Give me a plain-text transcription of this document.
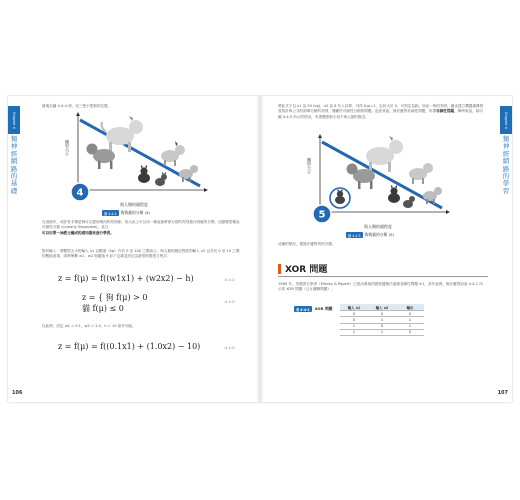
Chapter 4
類神經網路的基礎
最後在圖 4-4-4 裡，這三隻小型狗的位置。
4
體型大小
與人類的親程度
圖 4-4-4	夠與貓的分類 (4)
在這個中，或許有手像是例可以畫到幾何的判別線，但大致上可以用一條直線將兩分群的判別進行明確的分開，這類模型稱為可線性分類 (Linearly Separable)，並且
可以用單一神經元構成的感知器來進行學習。
對於輸入：將體型大小的輸入 x1 以體重（kg）介於 0 至 100 之間表示，與人類的親近程度的輸入 x2 以介於 0 至 10 之間的數值表現，兩將係數 w1、w2 與閾值 θ 如下定義並設定為最型的模型方程式：
z = f(μ) = f((w1x1) + (w2x2) − h)	（4.4.1）
z = { 狗 f(μ) > 0
貓 f(μ) ≤ 0
（4.4.2）
以此例，設定 w1 = 0.1，w2 = 1.0，h = 10 似乎可能。
z = f(μ) = f((0.1x1) + (1.0x2) − 10)	（4.4.3）
106
Chapter 4
類神經網路的學習
將此式子以 x1 為 50 (kg)，x2 為 6 代入計算，可得 f(μ)=1，由於大於 0，可判定為狗。如此一般的判別，藉由建立機器複雜程度的計算公式的兩筆分類的判別，僅顯於可線性分類的問題。追述來說，無法應對非線性問題，所謂非線性問題，舉例來說，如同圖 4-4-5 所示的情況，有著體型較小但不與人類的親近。
5
體型大小
與人類的親程度
圖 4-4-5	夠與貓的分類 (5)
這種的情況，便無法應對判別分類。
XOR 問題
1969 年，美國著名學者（Minsky & Papert）已指出單純的感知器無法處理非線性問題 ※1，其代表例，無法應對如表 4-4-1 所示的 XOR 問題（互斥邏輯問題）。
表 4-4-1	XOR 問題	輸入 x1	輸入 x2	輸出
0	0	0
0	1	1
1	0	1
1	1	0
107
